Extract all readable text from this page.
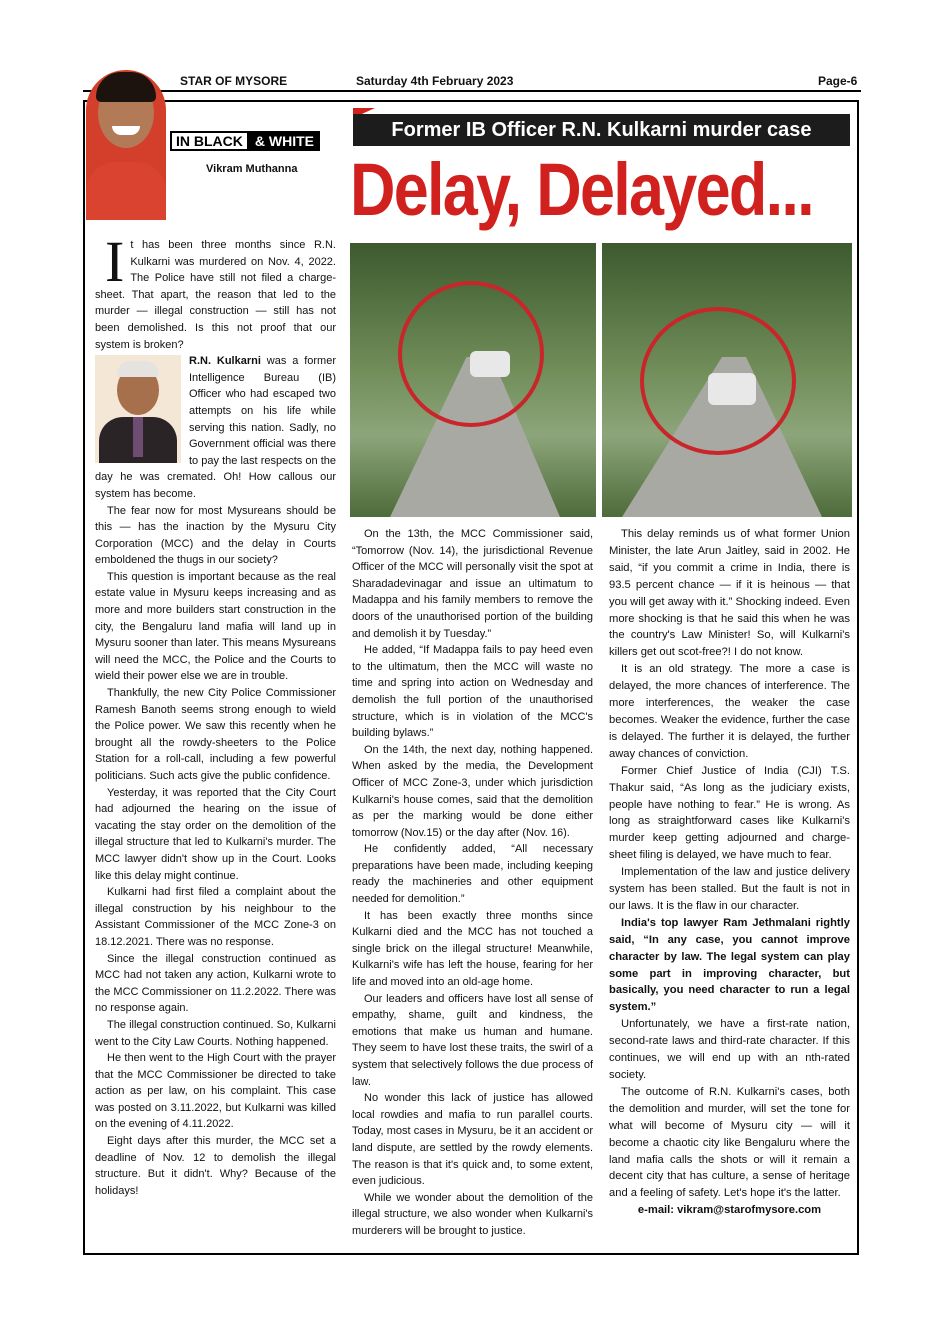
STAR OF MYSORE	Saturday 4th February 2023	Page-6
IN BLACK & WHITE
Vikram Muthanna
Former IB Officer R.N. Kulkarni murder case
Delay, Delayed...

It has been three months since R.N. Kulkarni was murdered on Nov. 4, 2022. The Police have still not filed a charge-sheet. That apart, the reason that led to the murder — illegal construction — still has not been demolished. Is this not proof that our system is broken?

R.N. Kulkarni was a former Intelligence Bureau (IB) Officer who had escaped two attempts on his life while serving this nation. Sadly, no Government official was there to pay the last respects on the day he was cremated. Oh! How callous our system has become.

The fear now for most Mysureans should be this — has the inaction by the Mysuru City Corporation (MCC) and the delay in Courts emboldened the thugs in our society?

This question is important because as the real estate value in Mysuru keeps increasing and as more and more builders start construction in the city, the Bengaluru land mafia will land up in Mysuru sooner than later. This means Mysureans will need the MCC, the Police and the Courts to wield their power else we are in trouble.

Thankfully, the new City Police Commissioner Ramesh Banoth seems strong enough to wield the Police power. We saw this recently when he brought all the rowdy-sheeters to the Police Station for a roll-call, including a few powerful politicians. Such acts give the public confidence.

Yesterday, it was reported that the City Court had adjourned the hearing on the issue of vacating the stay order on the demolition of the illegal structure that led to Kulkarni's murder. The MCC lawyer didn't show up in the Court. Looks like this delay might continue.

Kulkarni had first filed a complaint about the illegal construction by his neighbour to the Assistant Commissioner of the MCC Zone-3 on 18.12.2021. There was no response.

Since the illegal construction continued as MCC had not taken any action, Kulkarni wrote to the MCC Commissioner on 11.2.2022. There was no response again.

The illegal construction continued. So, Kulkarni went to the City Law Courts. Nothing happened.

He then went to the High Court with the prayer that the MCC Commissioner be directed to take action as per law, on his complaint. This case was posted on 3.11.2022, but Kulkarni was killed on the evening of 4.11.2022.

Eight days after this murder, the MCC set a deadline of Nov. 12 to demolish the illegal structure. But it didn't. Why? Because of the holidays!

On the 13th, the MCC Commissioner said, “Tomorrow (Nov. 14), the jurisdictional Revenue Officer of the MCC will personally visit the spot at Sharadadevinagar and issue an ultimatum to Madappa and his family members to remove the doors of the unauthorised portion of the building and demolish it by Tuesday.”

He added, “If Madappa fails to pay heed even to the ultimatum, then the MCC will waste no time and spring into action on Wednesday and demolish the full portion of the unauthorised structure, which is in violation of the MCC's building bylaws.”

On the 14th, the next day, nothing happened. When asked by the media, the Development Officer of MCC Zone-3, under which jurisdiction Kulkarni's house comes, said that the demolition as per the marking would be done either tomorrow (Nov.15) or the day after (Nov. 16).

He confidently added, “All necessary preparations have been made, including keeping ready the machineries and other equipment needed for demolition.”

It has been exactly three months since Kulkarni died and the MCC has not touched a single brick on the illegal structure! Meanwhile, Kulkarni's wife has left the house, fearing for her life and moved into an old-age home.

Our leaders and officers have lost all sense of empathy, shame, guilt and kindness, the emotions that make us human and humane. They seem to have lost these traits, the swirl of a system that selectively follows the due process of law.

No wonder this lack of justice has allowed local rowdies and mafia to run parallel courts. Today, most cases in Mysuru, be it an accident or land dispute, are settled by the rowdy elements. The reason is that it's quick and, to some extent, even judicious.

While we wonder about the demolition of the illegal structure, we also wonder when Kulkarni's murderers will be brought to justice.

This delay reminds us of what former Union Minister, the late Arun Jaitley, said in 2002. He said, “if you commit a crime in India, there is 93.5 percent chance — if it is heinous — that you will get away with it.” Shocking indeed. Even more shocking is that he said this when he was the country's Law Minister! So, will Kulkarni's killers get out scot-free?! I do not know.

It is an old strategy. The more a case is delayed, the more chances of interference. The more interferences, the weaker the case becomes. Weaker the evidence, further the case is delayed. The further it is delayed, the further away chances of conviction.

Former Chief Justice of India (CJI) T.S. Thakur said, “As long as the judiciary exists, people have nothing to fear.” He is wrong. As long as straightforward cases like Kulkarni's murder keep getting adjourned and charge-sheet filing is delayed, we have much to fear.

Implementation of the law and justice delivery system has been stalled. But the fault is not in our laws. It is the flaw in our character.

India's top lawyer Ram Jethmalani rightly said, “In any case, you cannot improve character by law. The legal system can play some part in improving character, but basically, you need character to run a legal system.”

Unfortunately, we have a first-rate nation, second-rate laws and third-rate character. If this continues, we will end up with an nth-rated society.

The outcome of R.N. Kulkarni's cases, both the demolition and murder, will set the tone for what will become of Mysuru city — will it become a chaotic city like Bengaluru where the land mafia calls the shots or will it remain a decent city that has culture, a sense of heritage and a feeling of safety. Let's hope it's the latter.

e-mail: vikram@starofmysore.com
